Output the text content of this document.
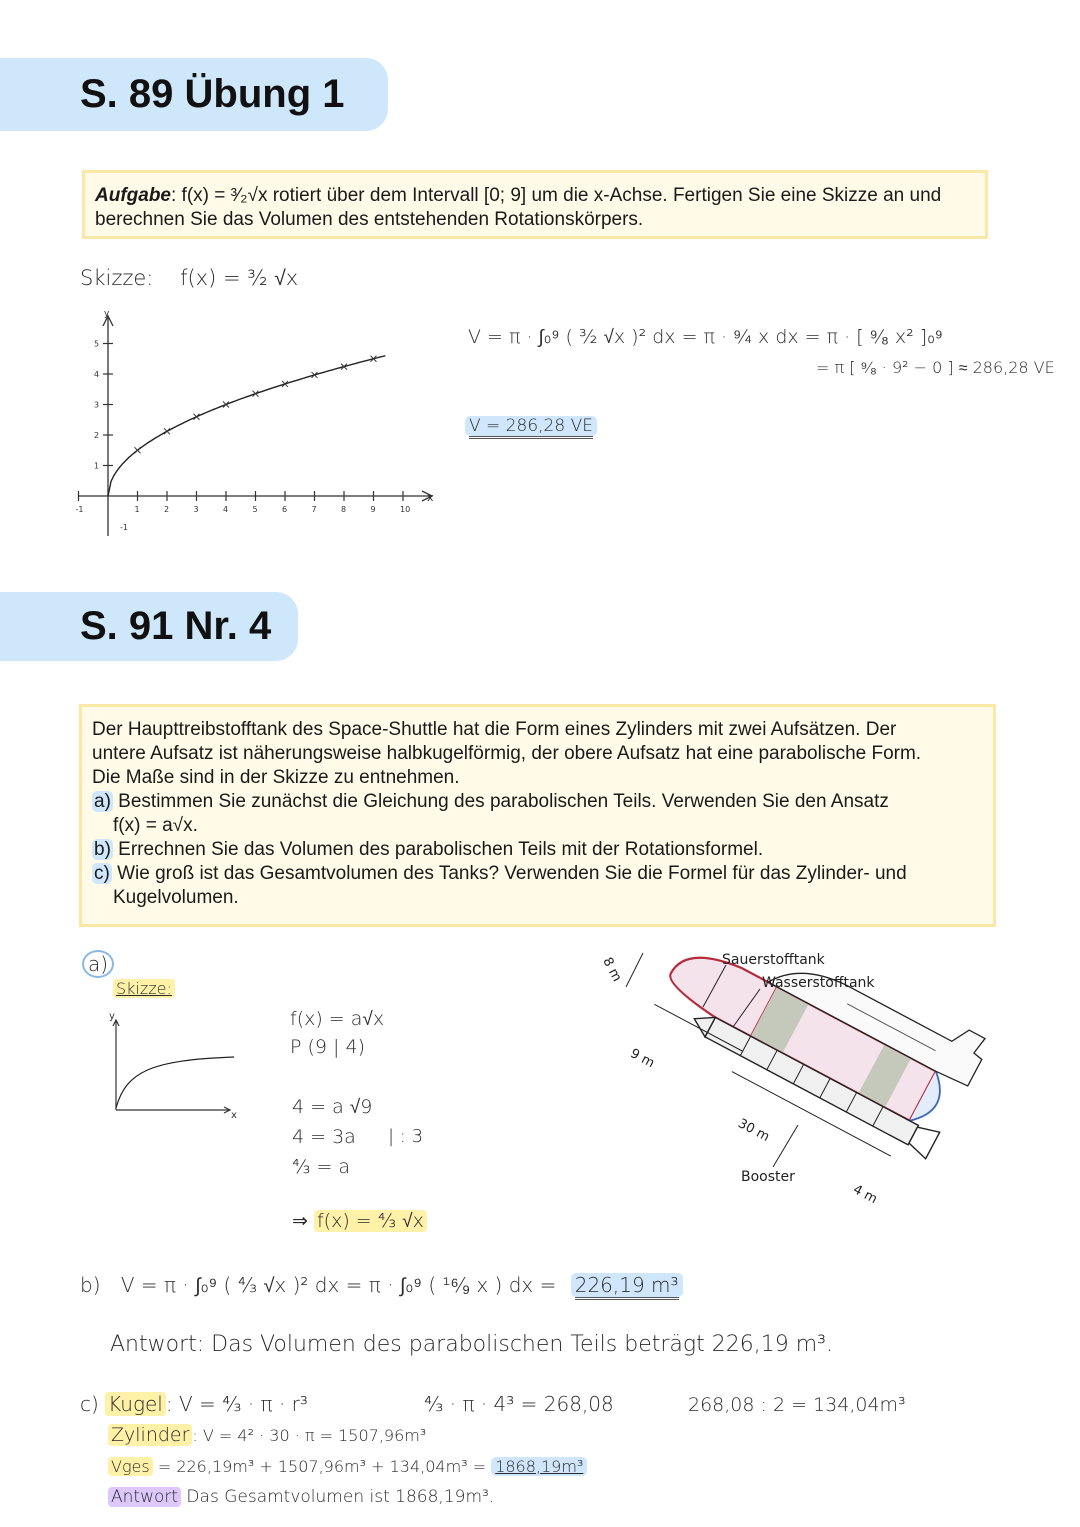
S. 89 Übung 1
Aufgabe: f(x) = ³⁄₂√x rotiert über dem Intervall [0; 9] um die x-Achse. Fertigen Sie eine Skizze an und
berechnen Sie das Volumen des entstehenden Rotationskörpers.
Skizze: f(x) = ³⁄₂ √x
-1	1	2	3	4	5	6	7	8	9	10
1
2
3
4
5
x
y
-1
V = π · ∫₀⁹ ( ³⁄₂ √x )² dx = π · ⁹⁄₄ x dx = π · [ ⁹⁄₈ x² ]₀⁹
= π [ ⁹⁄₈ · 9² − 0 ] ≈ 286,28 VE
V = 286,28 VE
S. 91 Nr. 4
Der Haupttreibstofftank des Space-Shuttle hat die Form eines Zylinders mit zwei Aufsätzen. Der
untere Aufsatz ist näherungsweise halbkugelförmig, der obere Aufsatz hat eine parabolische Form.
Die Maße sind in der Skizze zu entnehmen.
a) Bestimmen Sie zunächst die Gleichung des parabolischen Teils. Verwenden Sie den Ansatz
f(x) = a√x.
b) Errechnen Sie das Volumen des parabolischen Teils mit der Rotationsformel.
c) Wie groß ist das Gesamtvolumen des Tanks? Verwenden Sie die Formel für das Zylinder- und
Kugelvolumen.
a)
Skizze:
y
x
f(x) = a√x
P (9 | 4)
4 = a √9
4 = 3a | : 3
⁴⁄₃ = a
⇒ f(x) = ⁴⁄₃ √x
Sauerstofftank
Wasserstofftank
Booster
8 m
9 m
30 m
4 m
b) V = π · ∫₀⁹ ( ⁴⁄₃ √x )² dx = π · ∫₀⁹ ( ¹⁶⁄₉ x ) dx = 226,19 m³
Antwort: Das Volumen des parabolischen Teils beträgt 226,19 m³.
c) Kugel : V = ⁴⁄₃ · π · r³	⁴⁄₃ · π · 4³ = 268,08	268,08 : 2 = 134,04m³
Zylinder : V = 4² · 30 · π = 1507,96m³
Vges = 226,19m³ + 1507,96m³ + 134,04m³ = 1868,19m³
Antwort Das Gesamtvolumen ist 1868,19m³.
